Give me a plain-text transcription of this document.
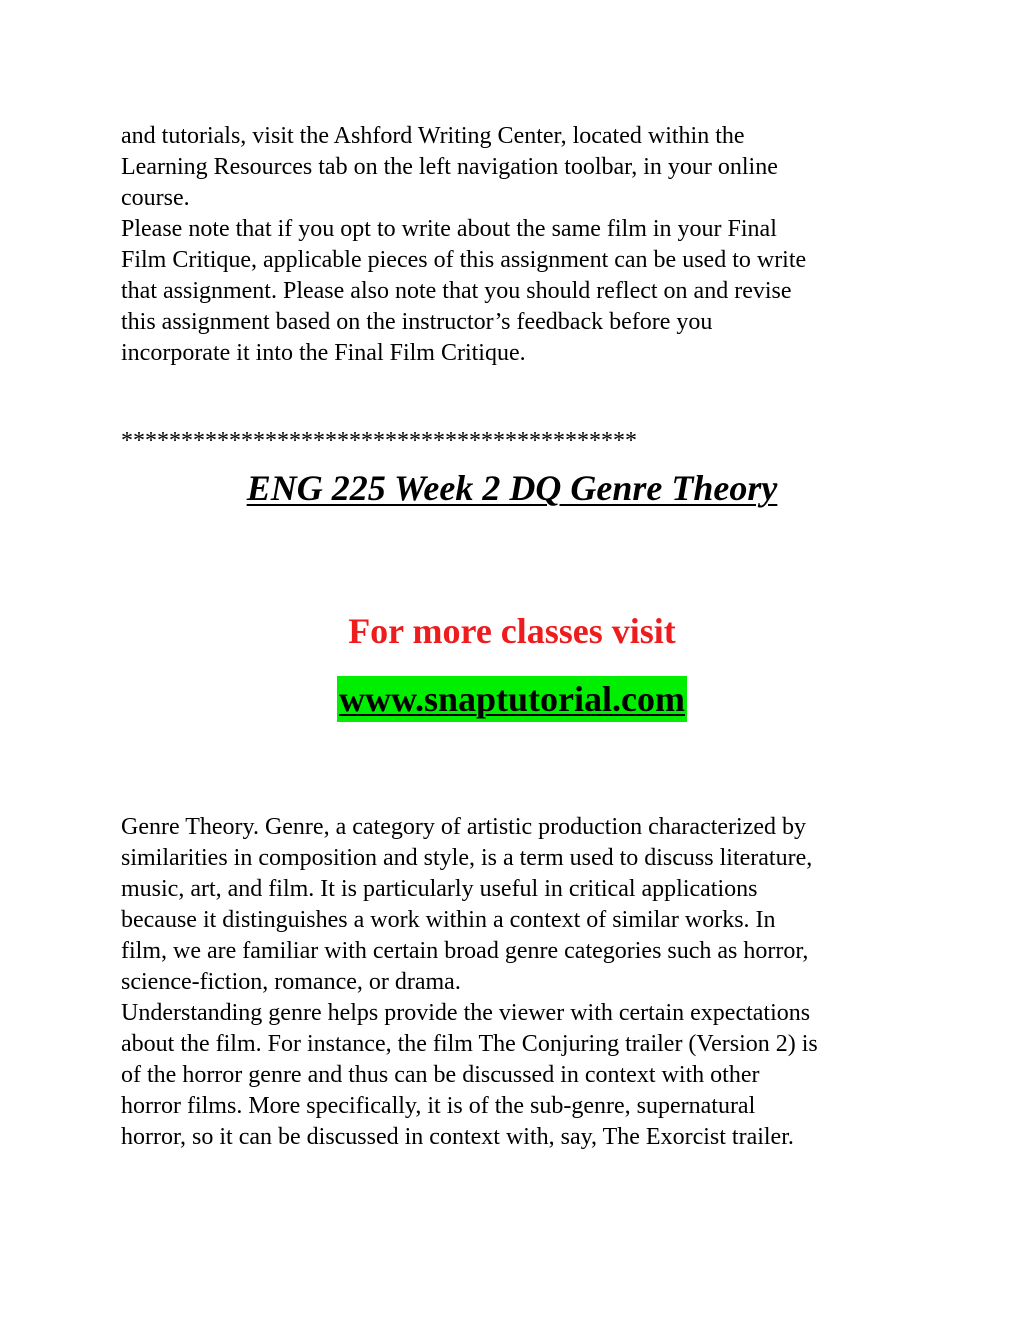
and tutorials, visit the Ashford Writing Center, located within the
Learning Resources tab on the left navigation toolbar, in your online
course.
Please note that if you opt to write about the same film in your Final
Film Critique, applicable pieces of this assignment can be used to write
that assignment. Please also note that you should reflect on and revise
this assignment based on the instructor’s feedback before you
incorporate it into the Final Film Critique.
*******************************************
ENG 225 Week 2 DQ Genre Theory
For more classes visit
www.snaptutorial.com
Genre Theory. Genre, a category of artistic production characterized by
similarities in composition and style, is a term used to discuss literature,
music, art, and film. It is particularly useful in critical applications
because it distinguishes a work within a context of similar works. In
film, we are familiar with certain broad genre categories such as horror,
science-fiction, romance, or drama.
Understanding genre helps provide the viewer with certain expectations
about the film. For instance, the film The Conjuring trailer (Version 2) is
of the horror genre and thus can be discussed in context with other
horror films. More specifically, it is of the sub-genre, supernatural
horror, so it can be discussed in context with, say, The Exorcist trailer.
